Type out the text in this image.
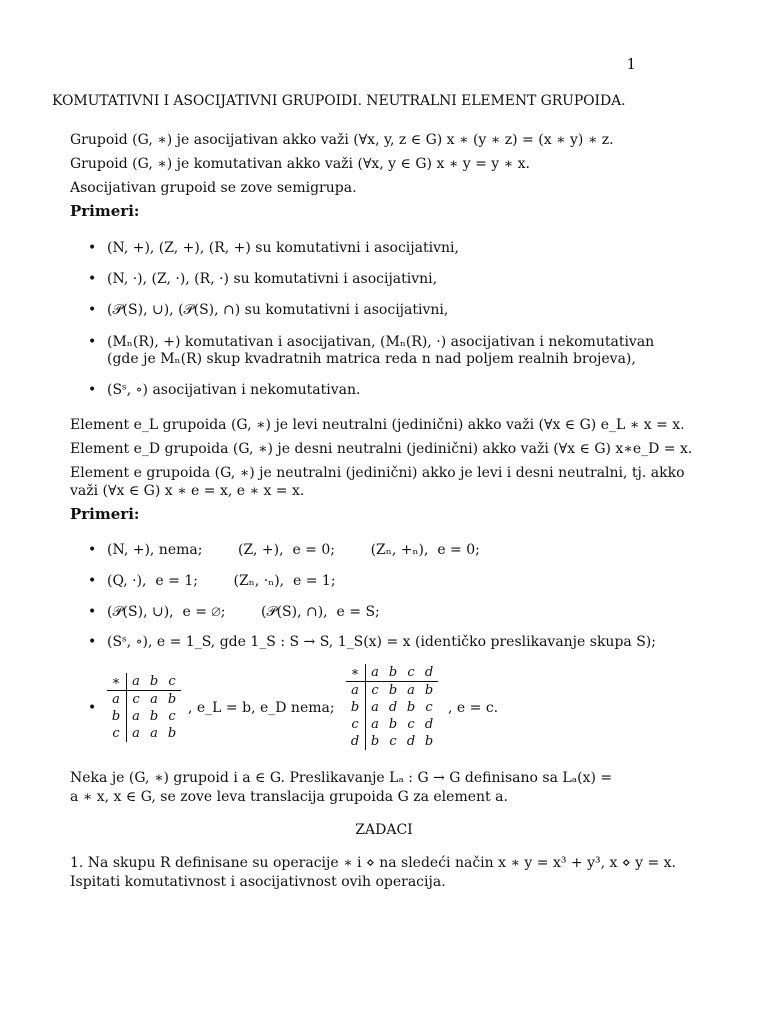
1
KOMUTATIVNI I ASOCIJATIVNI GRUPOIDI. NEUTRALNI ELEMENT GRUPOIDA.
Grupoid (G, ∗) je asocijativan akko važi (∀x, y, z ∈ G) x ∗ (y ∗ z) = (x ∗ y) ∗ z.
Grupoid (G, ∗) je komutativan akko važi (∀x, y ∈ G) x ∗ y = y ∗ x.
Asocijativan grupoid se zove semigrupa.
Primeri:
• (N, +), (Z, +), (R, +) su komutativni i asocijativni,
• (N, ·), (Z, ·), (R, ·) su komutativni i asocijativni,
• (𝒫(S), ∪), (𝒫(S), ∩) su komutativni i asocijativni,
• (Mₙ(R), +) komutativan i asocijativan, (Mₙ(R), ·) asocijativan i nekomutativan
(gde je Mₙ(R) skup kvadratnih matrica reda n nad poljem realnih brojeva),
• (Sˢ, ∘) asocijativan i nekomutativan.
Element e_L grupoida (G, ∗) je levi neutralni (jedinični) akko važi (∀x ∈ G) e_L ∗ x = x.
Element e_D grupoida (G, ∗) je desni neutralni (jedinični) akko važi (∀x ∈ G) x∗e_D = x.
Element e grupoida (G, ∗) je neutralni (jedinični) akko je levi i desni neutralni, tj. akko
važi (∀x ∈ G) x ∗ e = x, e ∗ x = x.
Primeri:
• (N, +), nema;        (Z, +),  e = 0;        (Zₙ, +ₙ),  e = 0;
• (Q, ·),  e = 1;        (Zₙ, ·ₙ),  e = 1;
• (𝒫(S), ∪),  e = ∅;        (𝒫(S), ∩),  e = S;
• (Sˢ, ∘), e = 1_S, gde 1_S : S → S, 1_S(x) = x (identičko preslikavanje skupa S);
•
∗	a	b	c
a	c	a	b
b	a	b	c
c	a	a	b
, e_L = b, e_D nema;
∗	a	b	c	d
a	c	b	a	b
b	a	d	b	c
c	a	b	c	d
d	b	c	d	b
, e = c.
Neka je (G, ∗) grupoid i a ∈ G. Preslikavanje Lₐ : G → G definisano sa Lₐ(x) =
a ∗ x, x ∈ G, se zove leva translacija grupoida G za element a.
ZADACI
1. Na skupu R definisane su operacije ∗ i ⋄ na sledeći način x ∗ y = x³ + y³, x ⋄ y = x.
Ispitati komutativnost i asocijativnost ovih operacija.
